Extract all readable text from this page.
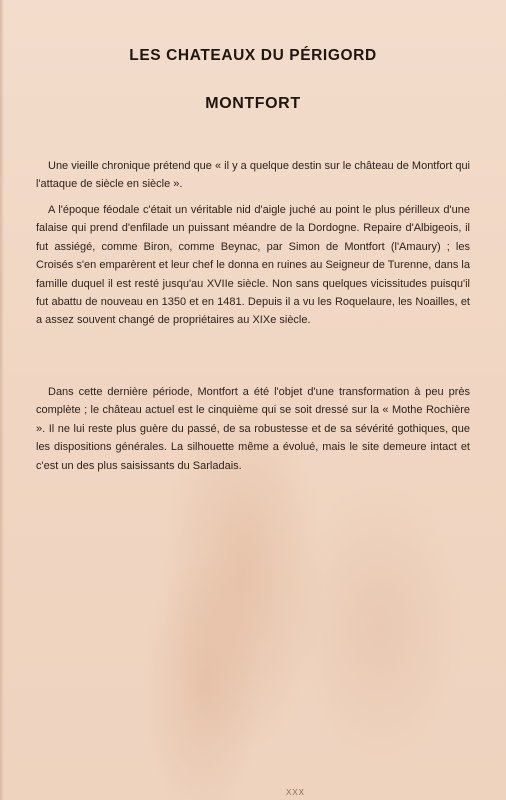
LES CHATEAUX DU PÉRIGORD
MONTFORT

Une vieille chronique prétend que « il y a quelque destin sur le château de Montfort qui l'attaque de siècle en siècle ».

A l'époque féodale c'était un véritable nid d'aigle juché au point le plus périlleux d'une falaise qui prend d'enfilade un puissant méandre de la Dordogne. Repaire d'Albigeois, il fut assiégé, comme Biron, comme Beynac, par Simon de Montfort (l'Amaury) ; les Croisés s'en emparèrent et leur chef le donna en ruines au Seigneur de Turenne, dans la famille duquel il est resté jusqu'au XVIIe siècle. Non sans quelques vicissitudes puisqu'il fut abattu de nouveau en 1350 et en 1481. Depuis il a vu les Roquelaure, les Noailles, et a assez souvent changé de propriétaires au XIXe siècle.

Dans cette dernière période, Montfort a été l'objet d'une transformation à peu près complète ; le château actuel est le cinquième qui se soit dressé sur la « Mothe Rochière ». Il ne lui reste plus guère du passé, de sa robustesse et de sa sévérité gothiques, que les dispositions générales. La silhouette même a évolué, mais le site demeure intact et c'est un des plus saisissants du Sarladais.

XXX
